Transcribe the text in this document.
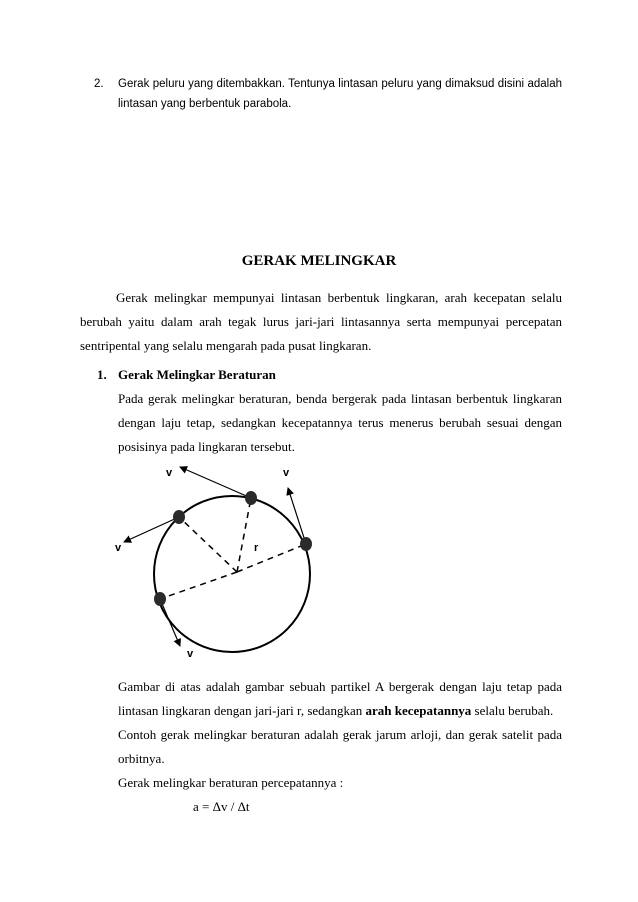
2. Gerak peluru yang ditembakkan. Tentunya lintasan peluru yang dimaksud disini adalah lintasan yang berbentuk parabola.
GERAK MELINGKAR
Gerak melingkar mempunyai lintasan berbentuk lingkaran, arah kecepatan selalu berubah yaitu dalam arah tegak lurus jari-jari lintasannya serta mempunyai percepatan sentripental yang selalu mengarah pada pusat lingkaran.
1. Gerak Melingkar Beraturan
Pada gerak melingkar beraturan, benda bergerak pada lintasan berbentuk lingkaran dengan laju tetap, sedangkan kecepatannya terus menerus berubah sesuai dengan posisinya pada lingkaran tersebut.
v	v
v	r
v

Gambar di atas adalah gambar sebuah partikel A bergerak dengan laju tetap pada lintasan lingkaran dengan jari-jari r, sedangkan arah kecepatannya selalu berubah.

Contoh gerak melingkar beraturan adalah gerak jarum arloji, dan gerak satelit pada orbitnya.

Gerak melingkar beraturan percepatannya :

a = Δv / Δt
